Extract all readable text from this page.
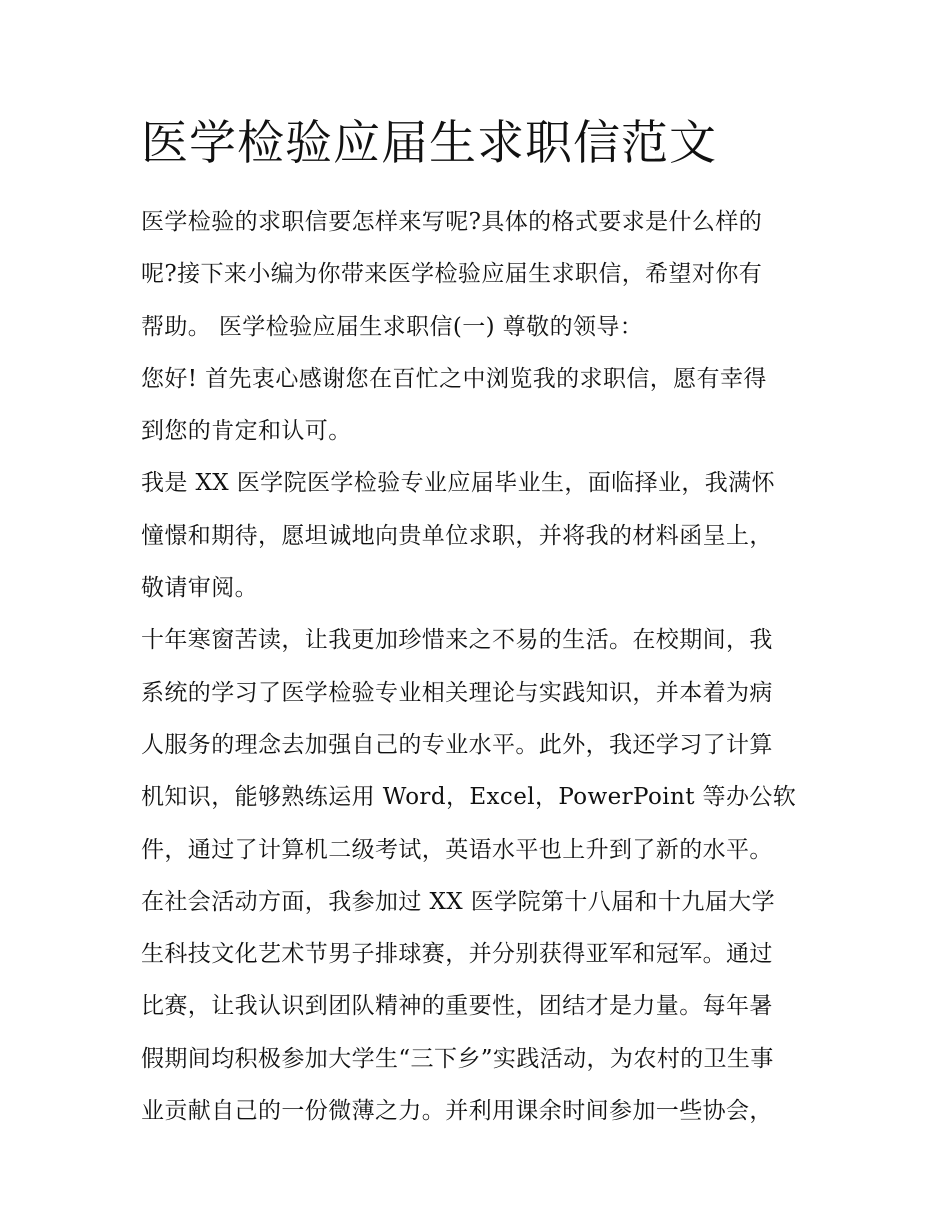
医学检验应届生求职信范文
医学检验的求职信要怎样来写呢?具体的格式要求是什么样的
呢?接下来小编为你带来医学检验应届生求职信，希望对你有
帮助。 医学检验应届生求职信(一) 尊敬的领导：
您好! 首先衷心感谢您在百忙之中浏览我的求职信，愿有幸得
到您的肯定和认可。
我是 XX 医学院医学检验专业应届毕业生，面临择业，我满怀
憧憬和期待，愿坦诚地向贵单位求职，并将我的材料函呈上，
敬请审阅。
十年寒窗苦读，让我更加珍惜来之不易的生活。在校期间，我
系统的学习了医学检验专业相关理论与实践知识，并本着为病
人服务的理念去加强自己的专业水平。此外，我还学习了计算
机知识，能够熟练运用 Word，Excel，PowerPoint 等办公软
件，通过了计算机二级考试，英语水平也上升到了新的水平。
在社会活动方面，我参加过 XX 医学院第十八届和十九届大学
生科技文化艺术节男子排球赛，并分别获得亚军和冠军。通过
比赛，让我认识到团队精神的重要性，团结才是力量。每年暑
假期间均积极参加大学生“三下乡”实践活动，为农村的卫生事
业贡献自己的一份微薄之力。并利用课余时间参加一些协会，
